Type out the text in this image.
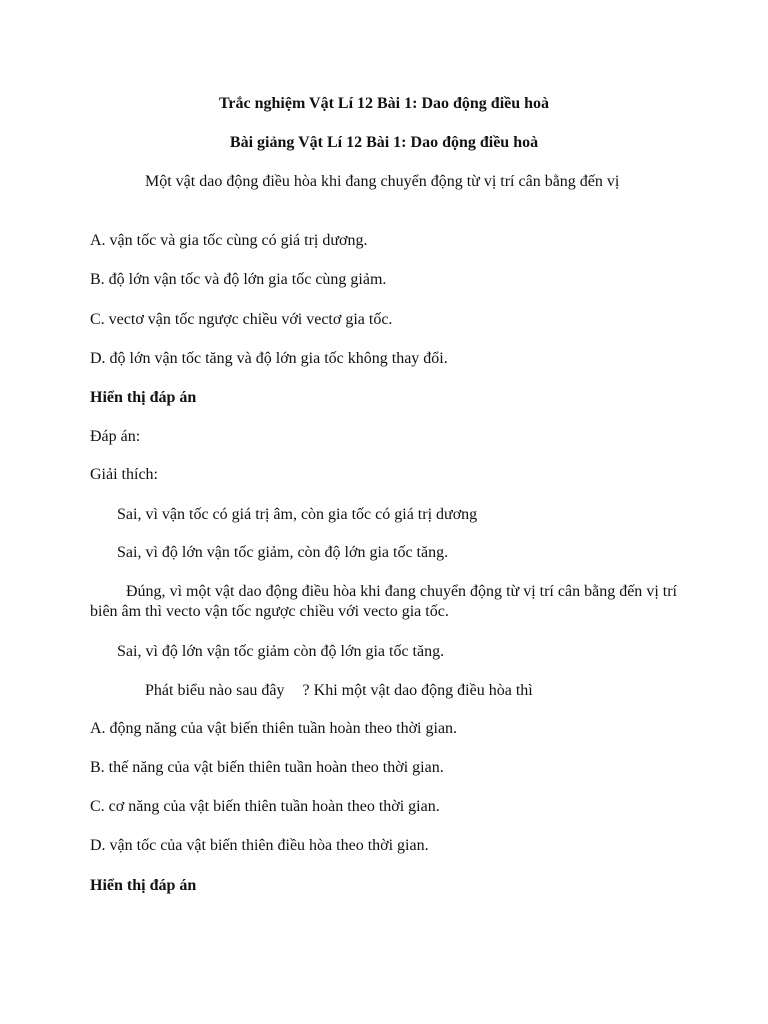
Trắc nghiệm Vật Lí 12 Bài 1: Dao động điều hoà
Bài giảng Vật Lí 12 Bài 1: Dao động điều hoà
Một vật dao động điều hòa khi đang chuyển động từ vị trí cân bằng đến vị
A. vận tốc và gia tốc cùng có giá trị dương.
B. độ lớn vận tốc và độ lớn gia tốc cùng giảm.
C. vectơ vận tốc ngược chiều với vectơ gia tốc.
D. độ lớn vận tốc tăng và độ lớn gia tốc không thay đổi.
Hiển thị đáp án
Đáp án:
Giải thích:
Sai, vì vận tốc có giá trị âm, còn gia tốc có giá trị dương
Sai, vì độ lớn vận tốc giảm, còn độ lớn gia tốc tăng.
Đúng, vì một vật dao động điều hòa khi đang chuyển động từ vị trí cân bằng đến vị trí biên âm thì vecto vận tốc ngược chiều với vecto gia tốc.
Sai, vì độ lớn vận tốc giảm còn độ lớn gia tốc tăng.
Phát biểu nào sau đây ? Khi một vật dao động điều hòa thì
A. động năng của vật biến thiên tuần hoàn theo thời gian.
B. thế năng của vật biến thiên tuần hoàn theo thời gian.
C. cơ năng của vật biến thiên tuần hoàn theo thời gian.
D. vận tốc của vật biến thiên điều hòa theo thời gian.
Hiển thị đáp án
